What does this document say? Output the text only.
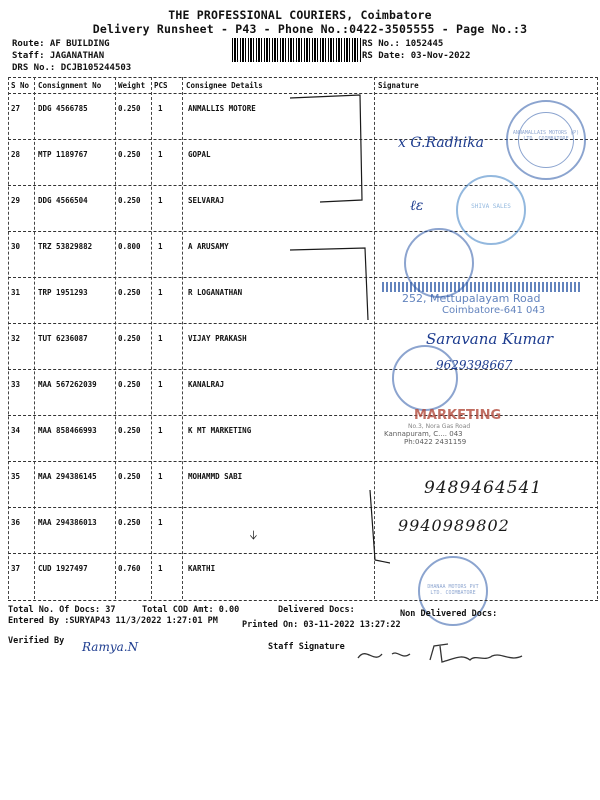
THE PROFESSIONAL COURIERS, Coimbatore
Delivery Runsheet - P43 - Phone No.:0422-3505555 - Page No.:3
Route: AF BUILDING
Staff: JAGANATHAN
DRS No.: DCJB105244503
RS No.: 1052445
RS Date: 03-Nov-2022
S No Consignment No Weight PCS Consignee Details	Signature
27 DDG 4566785	0.250 1	ANMALLIS MOTORE
28 MTP 1189767	0.250 1	GOPAL
29 DDG 4566504	0.250 1	SELVARAJ
30 TRZ 53829882	0.800 1	A ARUSAMY
31 TRP 1951293	0.250 1	R LOGANATHAN
32 TUT 6236087	0.250 1	VIJAY PRAKASH
33 MAA 567262039	0.250 1	KANALRAJ
34 MAA 858466993	0.250 1	K MT MARKETING
35 MAA 294386145	0.250 1	MOHAMMD SABI
36 MAA 294386013	0.250 1
37 CUD 1927497	0.760 1	KARTHI
ANNAMALLAIS MOTORS (P) LTD. COIMBATORE
SHIVA SALES
252, Mettupalayam Road
Coimbatore-641 043
MARKETING
No.3, Nora Gas Road
Kannapuram, C.... 043
Ph:0422 2431159
DHANAA MOTORS PVT LTD. COIMBATORE
x G.Radhika
ℓε
Saravana Kumar
9629398667
9489464541
9940989802
ᛎ
Total No. Of Docs: 37	Total COD Amt: 0.00	Delivered Docs:	Non Delivered Docs:
Entered By :SURYAP43 11/3/2022 1:27:01 PM	Printed On: 03-11-2022 13:27:22
Verified By Ramya.N	Staff Signature
